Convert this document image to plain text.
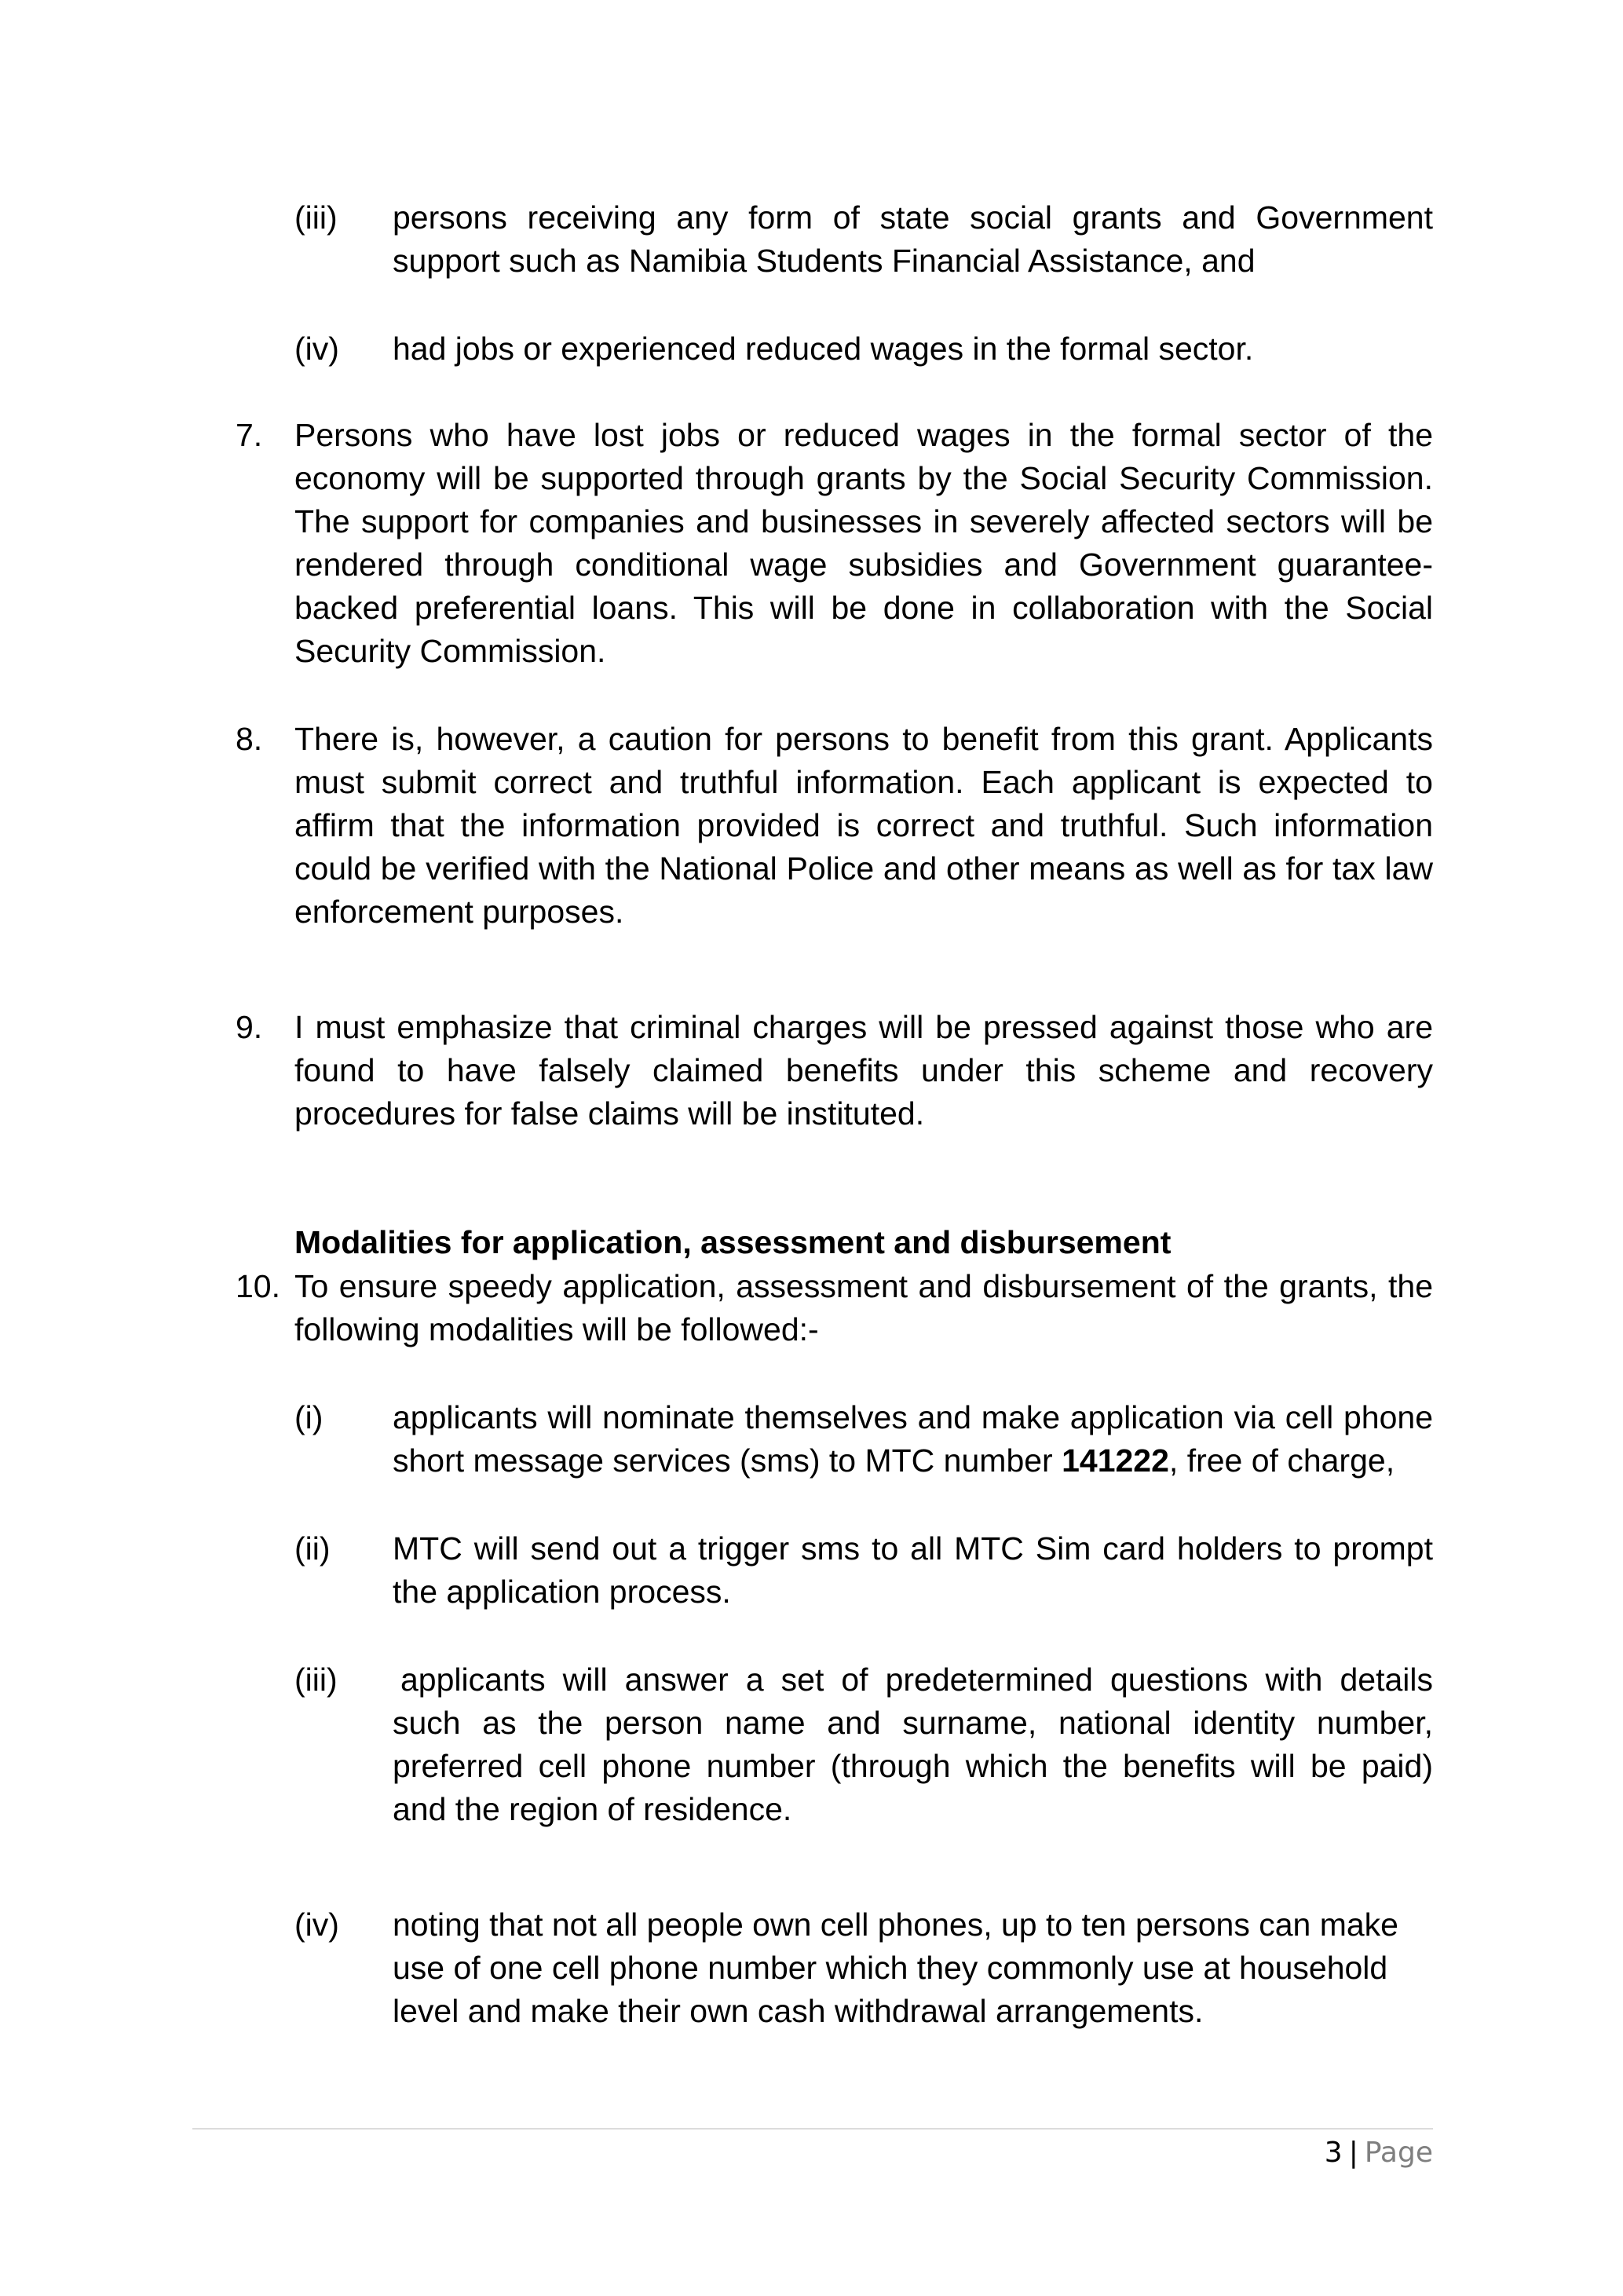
(iii) persons receiving any form of state social grants and Government support such as Namibia Students Financial Assistance, and
(iv) had jobs or experienced reduced wages in the formal sector.
7. Persons who have lost jobs or reduced wages in the formal sector of the economy will be supported through grants by the Social Security Commission. The support for companies and businesses in severely affected sectors will be rendered through conditional wage subsidies and Government guarantee-backed preferential loans. This will be done in collaboration with the Social Security Commission.
8. There is, however, a caution for persons to benefit from this grant. Applicants must submit correct and truthful information. Each applicant is expected to affirm that the information provided is correct and truthful. Such information could be verified with the National Police and other means as well as for tax law enforcement purposes.
9. I must emphasize that criminal charges will be pressed against those who are found to have falsely claimed benefits under this scheme and recovery procedures for false claims will be instituted.
Modalities for application, assessment and disbursement
10. To ensure speedy application, assessment and disbursement of the grants, the following modalities will be followed:-
(i) applicants will nominate themselves and make application via cell phone short message services (sms) to MTC number 141222, free of charge,
(ii) MTC will send out a trigger sms to all MTC Sim card holders to prompt the application process.
(iii) applicants will answer a set of predetermined questions with details such as the person name and surname, national identity number, preferred cell phone number (through which the benefits will be paid) and the region of residence.
(iv) noting that not all people own cell phones, up to ten persons can make use of one cell phone number which they commonly use at household level and make their own cash withdrawal arrangements.
3 | Page
